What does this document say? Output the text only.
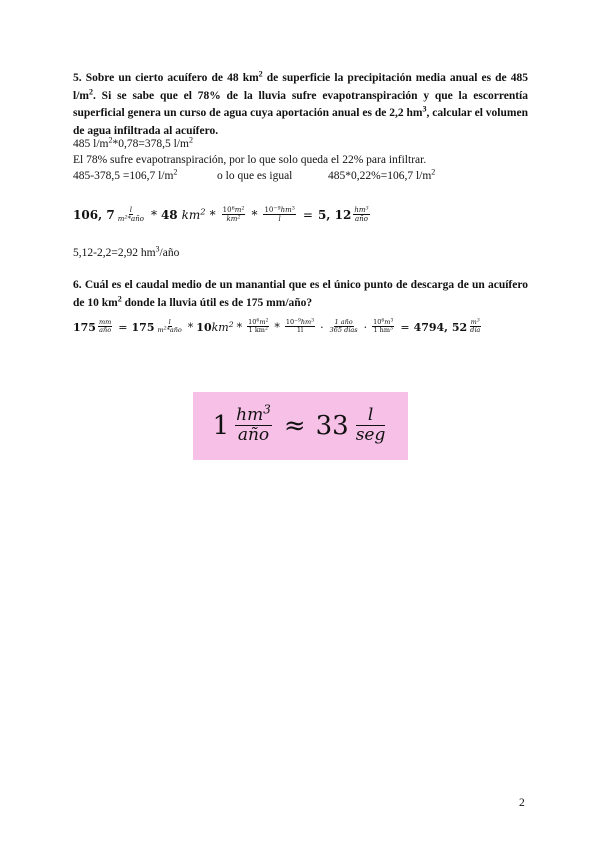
5. Sobre un cierto acuífero de 48 $km^2$ de superficie la precipitación media anual es de 485 $l/m^2$. Si se sabe que el 78% de la lluvia sufre evapotranspiración y que la escorrentía superficial genera un curso de agua cuya aportación anual es de 2,2 $hm^3$, calcular el volumen de agua infiltrada al acuífero.
485 $l/m^2*0,78=378,5$ $l/m^2$
El 78% sufre evapotranspiración, por lo que solo queda el 22% para infiltrar.
485-378,5 =106,7 $l/m^2$	o lo que es igual	485*0,22%=106,7 $l/m^2$
106, $7 \frac{l}{m^2*año} * 48$ $km^2 * \frac{10^6m^2}{km^2} * \frac{10^{-9}hm^3}{l} = 5$, $12 \frac{hm^3}{\text{año}}$
5,12-2,2=2,92 $hm^3$/año
6. Cuál es el caudal medio de un manantial que es el único punto de descarga de un acuífero de 10 $km^2$ donde la lluvia útil es de 175 mm/año?
$175 \frac{mm}{\text{año}} = 175 \frac{l}{m^2*año} * 10$ $km^2 * \frac{10^6m^2}{1 km^2} * \frac{10^{-9}hm^3}{1l} \cdot \frac{\text{1 año}}{\text{365 días}} \cdot \frac{10^6m^3}{1 hm^3} = 4794$, $52 \frac{m^3}{\text{día}}$
$1 \frac{hm^3}{\text{año}} \approx 33 \frac{l}{\text{seg}}$
2
